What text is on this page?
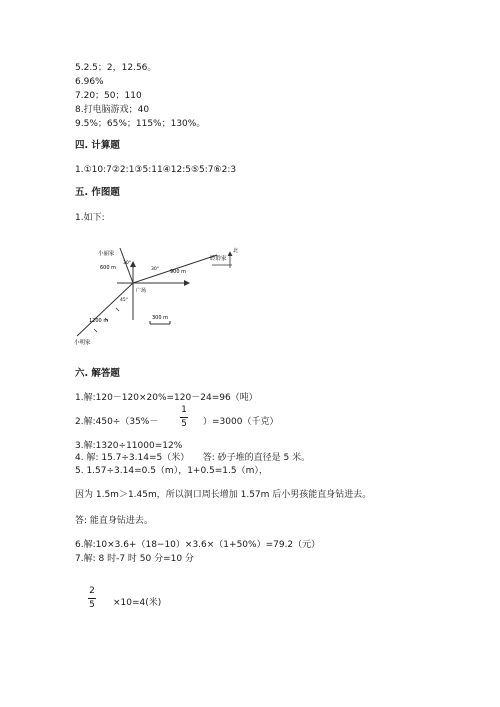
5.2.5；2，12.56。
6.96%
7.20；50；110
8.打电脑游戏；40
9.5%；65%；115%；130%。
四. 计算题
1.①10:7②2:1③5:11④12:5⑤5:7⑥2:3
五. 作图题
1.如下:
小丽家
600 m
30°
30° 900 m
聆聆家
北
广场
45°
1200 m	300 m
小明家
六. 解答题
1.解:120－120×20%=120－24=96（吨）
2.解:450÷（35%－
1
5 ）=3000（千克）
3.解:1320÷11000=12%
4. 解: 15.7÷3.14=5（米）　　答: 砂子堆的直径是 5 米。
5. 1.57÷3.14=0.5（m），1+0.5=1.5（m），
因为 1.5m＞1.45m，所以洞口周长增加 1.57m 后小男孩能直身钻进去。
答: 能直身钻进去。
6.解:10×3.6+（18−10）×3.6×（1+50%）=79.2（元）
7.解: 8 时-7 时 50 分=10 分
2
5 ×10=4(米)
